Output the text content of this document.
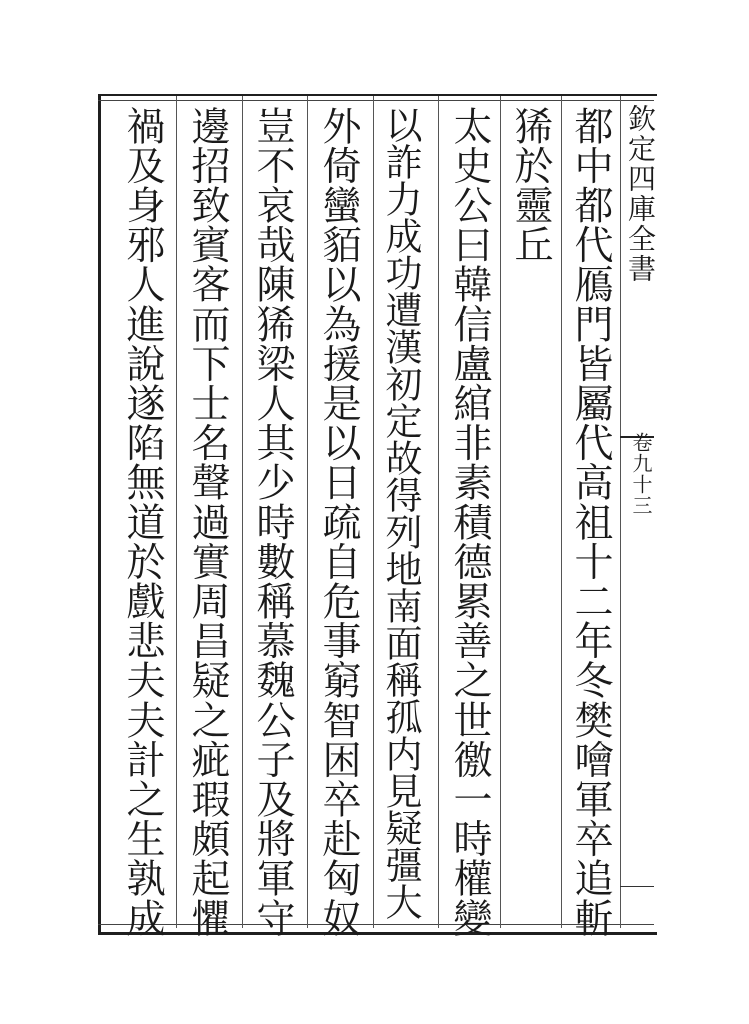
欽定四庫全書
卷九十三
都中都代鴈門皆屬代高祖十二年冬樊噲軍卒追斬
狶於靈丘
太史公曰韓信盧綰非素積德累善之世徼一時權變
以詐力成功遭漢初定故得列地南面稱孤内見疑彊大
外倚蠻貊以為援是以日疏自危事窮智困卒赴匈奴
豈不哀哉陳狶梁人其少時數稱慕魏公子及將軍守
邊招致賓客而下士名聲過實周昌疑之疵瑕頗起懼
禍及身邪人進說遂陷無道於戲悲夫夫計之生孰成
